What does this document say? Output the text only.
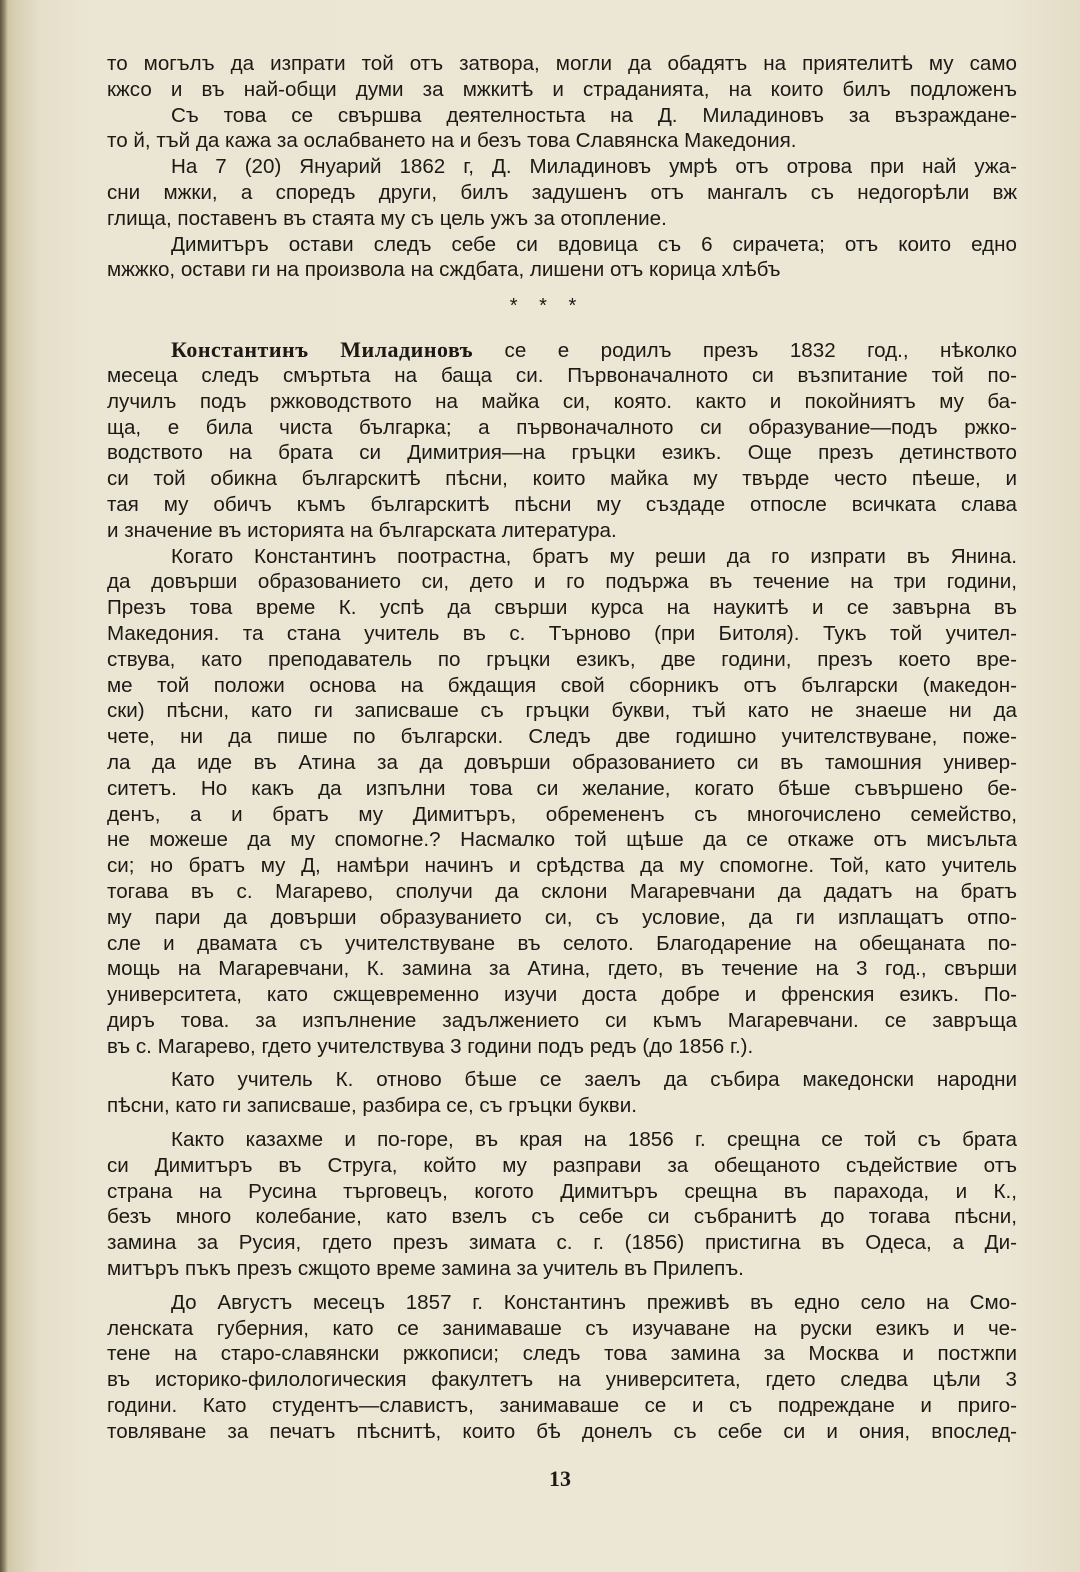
то могълъ да изпрати той отъ затвора, могли да обадятъ на приятелитѣ му само
кжсо и въ най-общи думи за мжкитѣ и страданията, на които билъ подложенъ
Съ това се свършва деятелностьта на Д. Миладиновъ за възраждане-
то й, тъй да кажа за ослабването на и безъ това Славянска Македония.
На 7 (20) Януарий 1862 г, Д. Миладиновъ умрѣ отъ отрова при най ужа-
сни мжки, а споредъ други, билъ задушенъ отъ мангалъ съ недогорѣли вж
глища, поставенъ въ стаята му съ цель ужъ за отопление.
Димитъръ остави следъ себе си вдовица съ 6 сирачета; отъ които едно
мжжко, остави ги на произвола на сждбата, лишени отъ корица хлѣбъ
* * *
Константинъ Миладиновъ се е родилъ презъ 1832 год., нѣколко
месеца следъ смъртьта на баща си. Първоначалното си възпитание той по-
лучилъ подъ ржководството на майка си, която. както и покойниятъ му ба-
ща, е била чиста българка; а първоначалното си образувание—подъ ржко-
водството на брата си Димитрия—на гръцки езикъ. Още презъ детинството
си той обикна българскитѣ пѣсни, които майка му твърде често пѣеше, и
тая му обичъ къмъ българскитѣ пѣсни му създаде отпосле всичката слава
и значение въ историята на българската литература.
Когато Константинъ поотрастна, братъ му реши да го изпрати въ Янина.
да довърши образованието си, дето и го подържа въ течение на три години,
Презъ това време К. успѣ да свърши курса на наукитѣ и се завърна въ
Македония. та стана учитель въ с. Търново (при Битоля). Тукъ той учител-
ствува, като преподаватель по гръцки езикъ, две години, презъ което вре-
ме той положи основа на бждащия свой сборникъ отъ български (македон-
ски) пѣсни, като ги записваше съ гръцки букви, тъй като не знаеше ни да
чете, ни да пише по български. Следъ две годишно учителствуване, поже-
ла да иде въ Атина за да довърши образованието си въ тамошния универ-
ситетъ. Но какъ да изпълни това си желание, когато бѣше съвършено бе-
денъ, а и братъ му Димитъръ, обремененъ съ многочислено семейство,
не можеше да му спомогне.? Насмалко той щѣше да се откаже отъ мисъльта
си; но братъ му Д, намѣри начинъ и срѣдства да му спомогне. Той, като учитель
тогава въ с. Магарево, сполучи да склони Магаревчани да дадатъ на братъ
му пари да довърши образуванието си, съ условие, да ги изплащатъ отпо-
сле и двамата съ учителствуване въ селото. Благодарение на обещаната по-
мощь на Магаревчани, К. замина за Атина, гдето, въ течение на 3 год., свърши
университета, като сжщевременно изучи доста добре и френския езикъ. По-
диръ това. за изпълнение задължението си къмъ Магаревчани. се завръща
въ с. Магарево, гдето учителствува 3 години подъ редъ (до 1856 г.).
Като учитель К. отново бѣше се заелъ да събира македонски народни
пѣсни, като ги записваше, разбира се, съ гръцки букви.
Както казахме и по-горе, въ края на 1856 г. срещна се той съ брата
си Димитъръ въ Струга, който му разправи за обещаното съдействие отъ
страна на Русина търговецъ, когото Димитъръ срещна въ парахода, и К.,
безъ много колебание, като взелъ съ себе си събранитѣ до тогава пѣсни,
замина за Русия, гдето презъ зимата с. г. (1856) пристигна въ Одеса, а Ди-
митъръ пъкъ презъ сжщото време замина за учитель въ Прилепъ.
До Августъ месецъ 1857 г. Константинъ преживѣ въ едно село на Смо-
ленската губерния, като се занимаваше съ изучаване на руски езикъ и че-
тене на старо-славянски ржкописи; следъ това замина за Москва и постжпи
въ историко-филологическия факултетъ на университета, гдето следва цѣли 3
години. Като студентъ—славистъ, занимаваше се и съ подреждане и приго-
товляване за печатъ пѣснитѣ, които бѣ донелъ съ себе си и ония, впослед-
13
